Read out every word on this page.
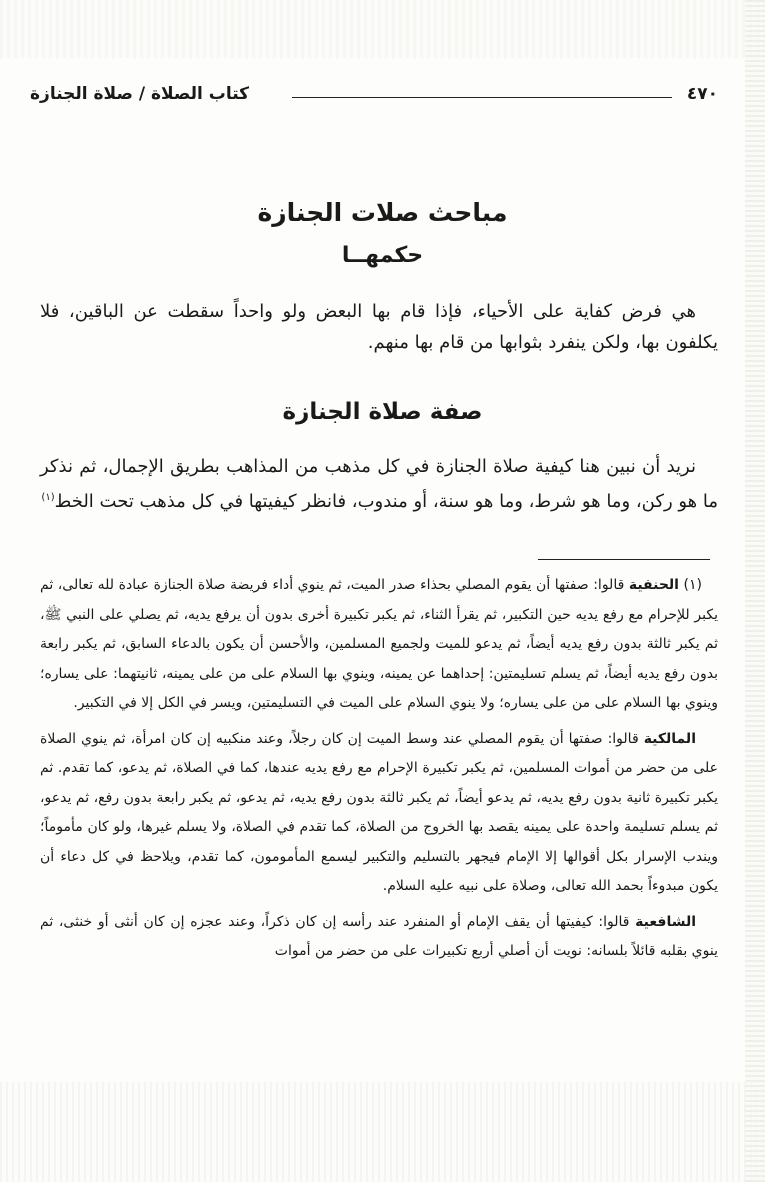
٤٧٠
كتاب الصلاة / صلاة الجنازة
مباحث صلات الجنازة
حكمهــا

هي فرض كفاية على الأحياء، فإذا قام بها البعض ولو واحداً سقطت عن الباقين، فلا يكلفون بها، ولكن ينفرد بثوابها من قام بها منهم.

صفة صلاة الجنازة

نريد أن نبين هنا كيفية صلاة الجنازة في كل مذهب من المذاهب بطريق الإجمال، ثم نذكر ما هو ركن، وما هو شرط، وما هو سنة، أو مندوب، فانظر كيفيتها في كل مذهب تحت الخط$^{(١)}$

(١) الحنفية قالوا: صفتها أن يقوم المصلي بحذاء صدر الميت، ثم ينوي أداء فريضة صلاة الجنازة عبادة لله تعالى، ثم يكبر للإحرام مع رفع يديه حين التكبير، ثم يقرأ الثناء، ثم يكبر تكبيرة أخرى بدون أن يرفع يديه، ثم يصلي على النبي ﷺ، ثم يكبر ثالثة بدون رفع يديه أيضاً، ثم يدعو للميت ولجميع المسلمين، والأحسن أن يكون بالدعاء السابق، ثم يكبر رابعة بدون رفع يديه أيضاً، ثم يسلم تسليمتين: إحداهما عن يمينه، وينوي بها السلام على من على يمينه، ثانيتهما: على يساره؛ وينوي بها السلام على من على يساره؛ ولا ينوي السلام على الميت في التسليمتين، ويسر في الكل إلا في التكبير.

المالكية قالوا: صفتها أن يقوم المصلي عند وسط الميت إن كان رجلاً، وعند منكبيه إن كان امرأة، ثم ينوي الصلاة على من حضر من أموات المسلمين، ثم يكبر تكبيرة الإحرام مع رفع يديه عندها، كما في الصلاة، ثم يدعو، كما تقدم. ثم يكبر تكبيرة ثانية بدون رفع يديه، ثم يدعو أيضاً، ثم يكبر ثالثة بدون رفع يديه، ثم يدعو، ثم يكبر رابعة بدون رفع، ثم يدعو، ثم يسلم تسليمة واحدة على يمينه يقصد بها الخروج من الصلاة، كما تقدم في الصلاة، ولا يسلم غيرها، ولو كان مأموماً؛ ويندب الإسرار بكل أقوالها إلا الإمام فيجهر بالتسليم والتكبير ليسمع المأمومون، كما تقدم، ويلاحظ في كل دعاء أن يكون مبدوءاً بحمد الله تعالى، وصلاة على نبيه عليه السلام.

الشافعية قالوا: كيفيتها أن يقف الإمام أو المنفرد عند رأسه إن كان ذكراً، وعند عجزه إن كان أنثى أو خنثى، ثم ينوي بقلبه قائلاً بلسانه: نويت أن أصلي أربع تكبيرات على من حضر من أموات
